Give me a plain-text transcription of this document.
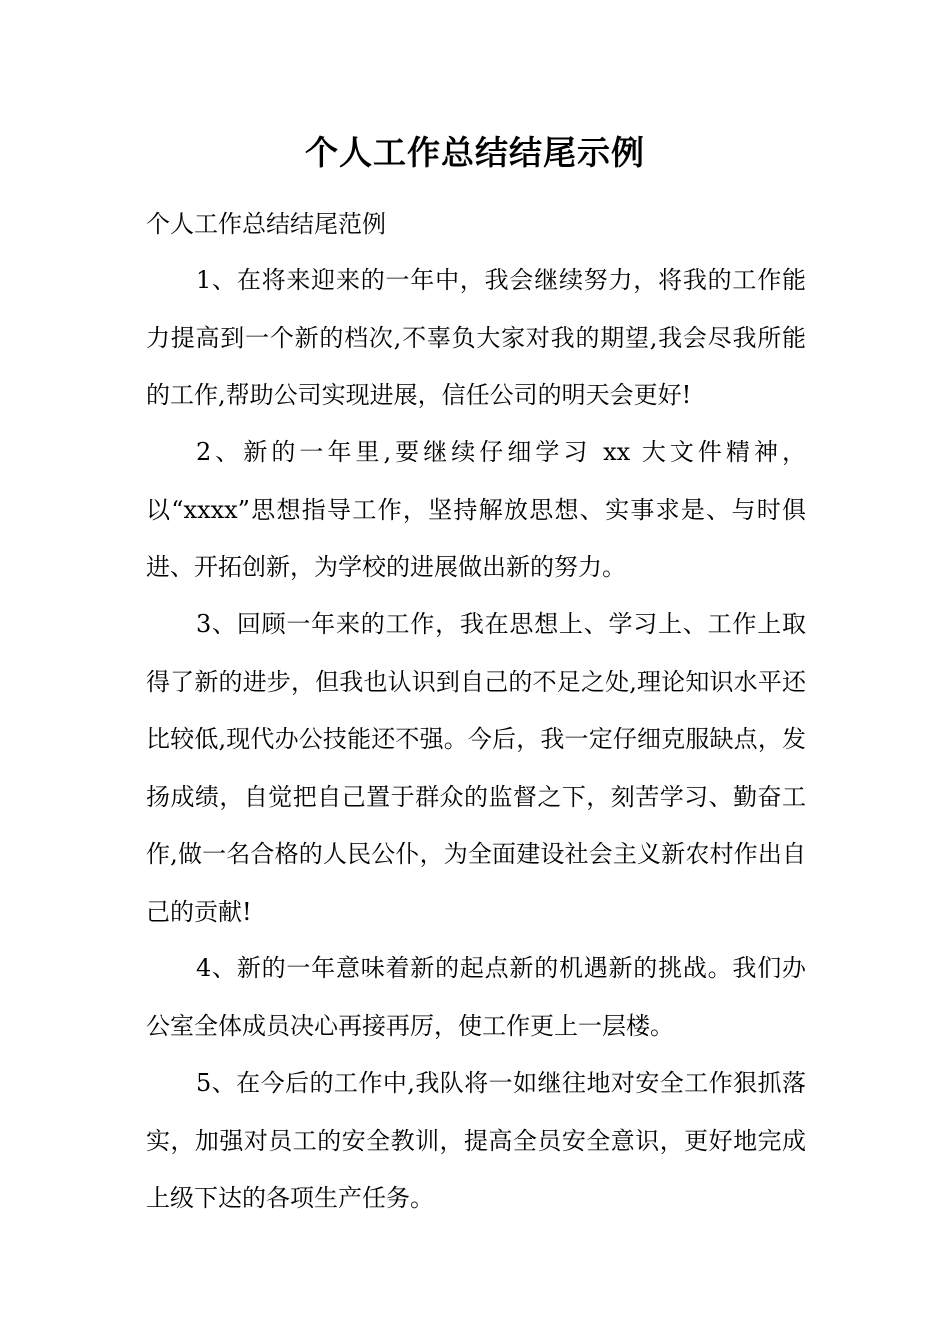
个人工作总结结尾示例

个人工作总结结尾范例

1、在将来迎来的一年中，我会继续努力，将我的工作能力提高到一个新的档次,不辜负大家对我的期望,我会尽我所能的工作,帮助公司实现进展，信任公司的明天会更好!

2、新的一年里,要继续仔细学习 xx 大文件精神，以“xxxx”思想指导工作，坚持解放思想、实事求是、与时俱进、开拓创新，为学校的进展做出新的努力。

3、回顾一年来的工作，我在思想上、学习上、工作上取得了新的进步，但我也认识到自己的不足之处,理论知识水平还比较低,现代办公技能还不强。今后，我一定仔细克服缺点，发扬成绩，自觉把自己置于群众的监督之下，刻苦学习、勤奋工作,做一名合格的人民公仆，为全面建设社会主义新农村作出自己的贡献!

4、新的一年意味着新的起点新的机遇新的挑战。我们办公室全体成员决心再接再厉，使工作更上一层楼。

5、在今后的工作中,我队将一如继往地对安全工作狠抓落实，加强对员工的安全教训，提高全员安全意识，更好地完成上级下达的各项生产任务。
